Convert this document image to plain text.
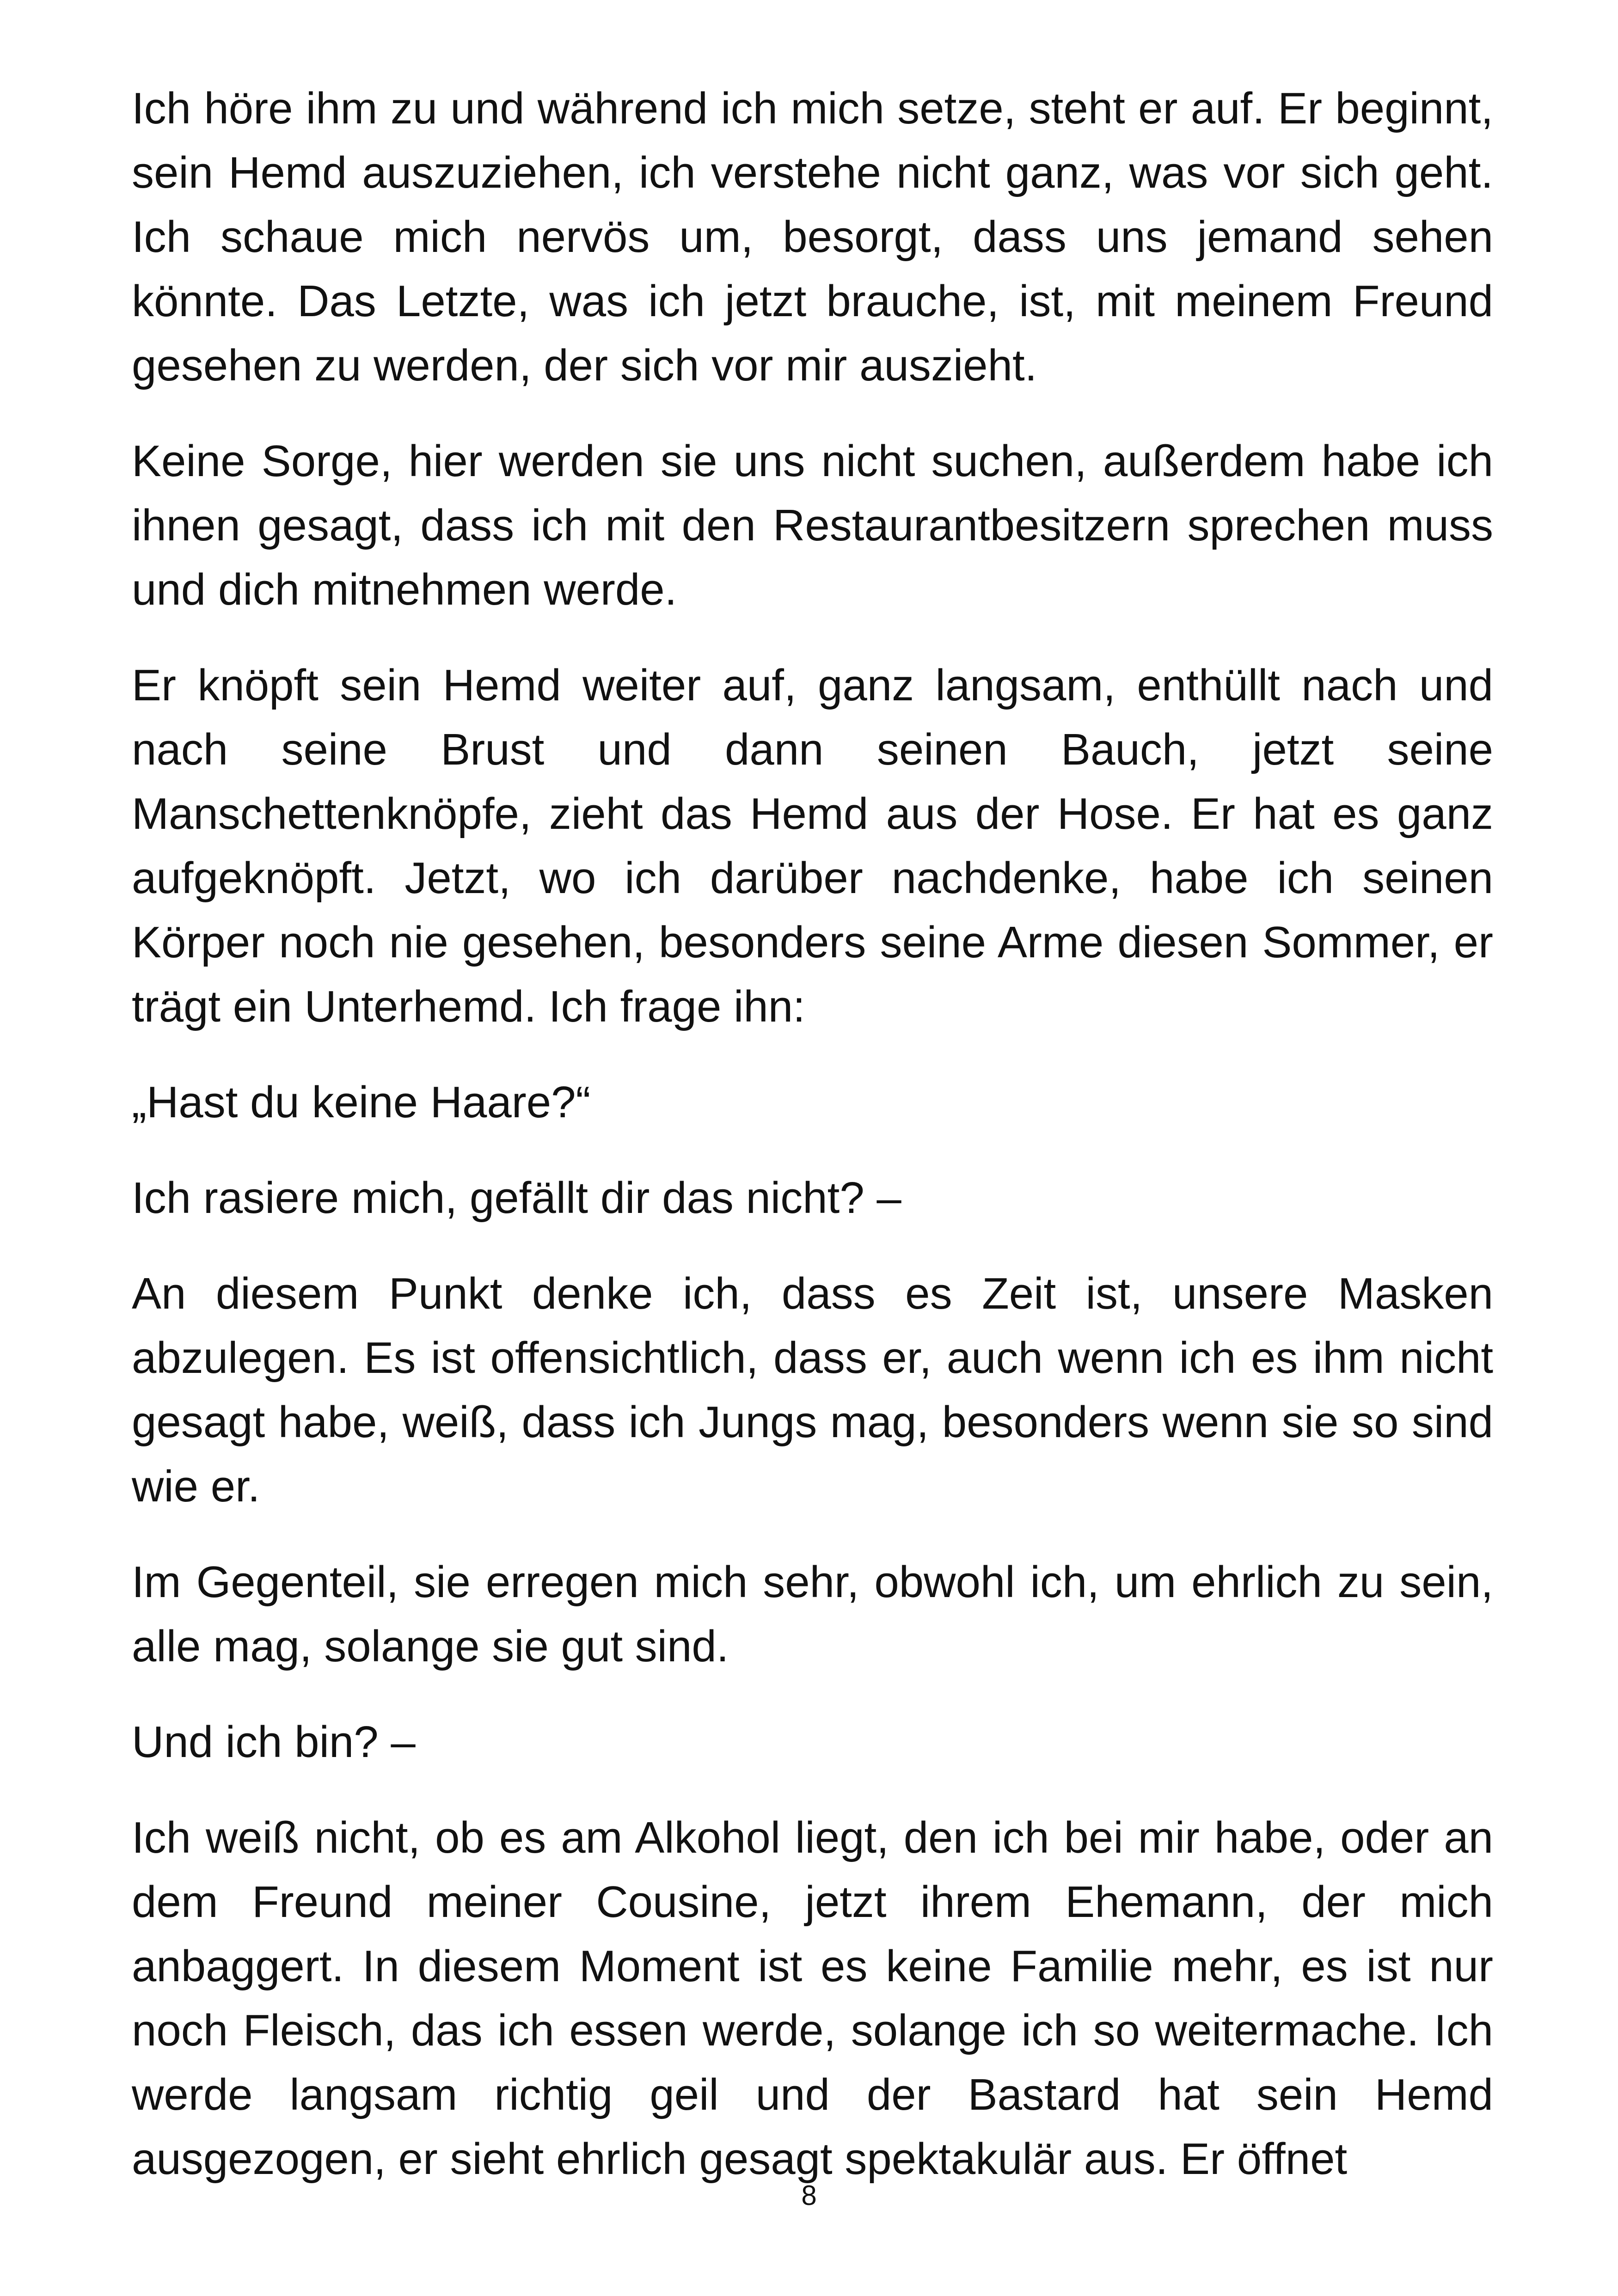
Ich höre ihm zu und während ich mich setze, steht er auf. Er beginnt, sein Hemd auszuziehen, ich verstehe nicht ganz, was vor sich geht. Ich schaue mich nervös um, besorgt, dass uns jemand sehen könnte. Das Letzte, was ich jetzt brauche, ist, mit meinem Freund gesehen zu werden, der sich vor mir auszieht.

Keine Sorge, hier werden sie uns nicht suchen, außerdem habe ich ihnen gesagt, dass ich mit den Restaurantbesitzern sprechen muss und dich mitnehmen werde.

Er knöpft sein Hemd weiter auf, ganz langsam, enthüllt nach und nach seine Brust und dann seinen Bauch, jetzt seine Manschettenknöpfe, zieht das Hemd aus der Hose. Er hat es ganz aufgeknöpft. Jetzt, wo ich darüber nachdenke, habe ich seinen Körper noch nie gesehen, besonders seine Arme diesen Sommer, er trägt ein Unterhemd. Ich frage ihn:

„Hast du keine Haare?“

Ich rasiere mich, gefällt dir das nicht? –

An diesem Punkt denke ich, dass es Zeit ist, unsere Masken abzulegen. Es ist offensichtlich, dass er, auch wenn ich es ihm nicht gesagt habe, weiß, dass ich Jungs mag, besonders wenn sie so sind wie er.

Im Gegenteil, sie erregen mich sehr, obwohl ich, um ehrlich zu sein, alle mag, solange sie gut sind.

Und ich bin? –

Ich weiß nicht, ob es am Alkohol liegt, den ich bei mir habe, oder an dem Freund meiner Cousine, jetzt ihrem Ehemann, der mich anbaggert. In diesem Moment ist es keine Familie mehr, es ist nur noch Fleisch, das ich essen werde, solange ich so weitermache. Ich werde langsam richtig geil und der Bastard hat sein Hemd ausgezogen, er sieht ehrlich gesagt spektakulär aus. Er öffnet

8
